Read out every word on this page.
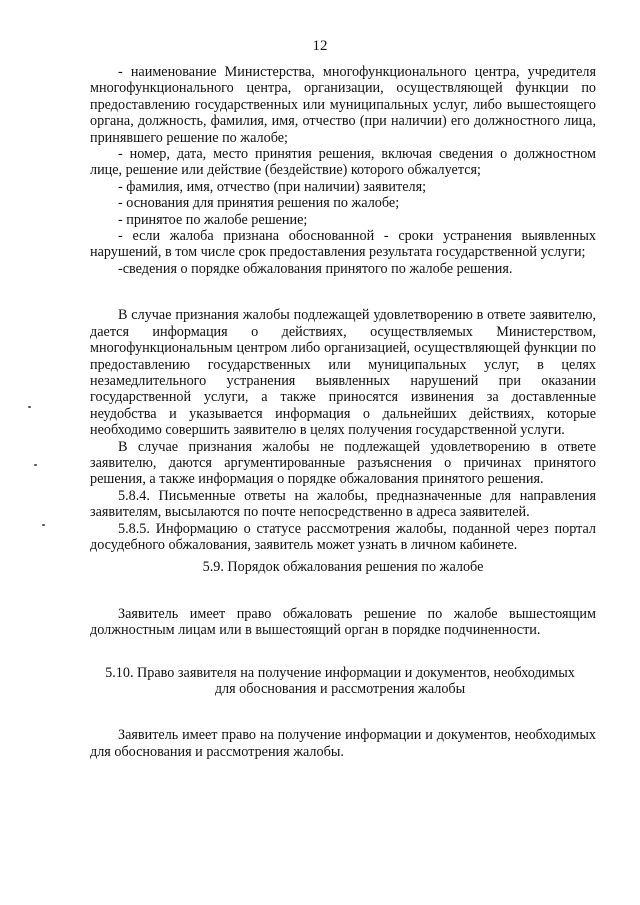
12

- наименование Министерства, многофункционального центра, учредителя многофункционального центра, организации, осуществляющей функции по предоставлению государственных или муниципальных услуг, либо вышестоящего органа, должность, фамилия, имя, отчество (при наличии) его должностного лица, принявшего решение по жалобе;

- номер, дата, место принятия решения, включая сведения о должностном лице, решение или действие (бездействие) которого обжалуется;

- фамилия, имя, отчество (при наличии) заявителя;

- основания для принятия решения по жалобе;

- принятое по жалобе решение;

- если жалоба признана обоснованной - сроки устранения выявленных нарушений, в том числе срок предоставления результата государственной услуги;

-сведения о порядке обжалования принятого по жалобе решения.

В случае признания жалобы подлежащей удовлетворению в ответе заявителю, дается информация о действиях, осуществляемых Министерством, многофункциональным центром либо организацией, осуществляющей функции по предоставлению государственных или муниципальных услуг, в целях незамедлительного устранения выявленных нарушений при оказании государственной услуги, а также приносятся извинения за доставленные неудобства и указывается информация о дальнейших действиях, которые необходимо совершить заявителю в целях получения государственной услуги.

В случае признания жалобы не подлежащей удовлетворению в ответе заявителю, даются аргументированные разъяснения о причинах принятого решения, а также информация о порядке обжалования принятого решения.

5.8.4. Письменные ответы на жалобы, предназначенные для направления заявителям, высылаются по почте непосредственно в адреса заявителей.

5.8.5. Информацию о статусе рассмотрения жалобы, поданной через портал досудебного обжалования, заявитель может узнать в личном кабинете.

5.9. Порядок обжалования решения по жалобе

Заявитель имеет право обжаловать решение по жалобе вышестоящим должностным лицам или в вышестоящий орган в порядке подчиненности.

5.10. Право заявителя на получение информации и документов, необходимых
для обоснования и рассмотрения жалобы

Заявитель имеет право на получение информации и документов, необходимых для обоснования и рассмотрения жалобы.
